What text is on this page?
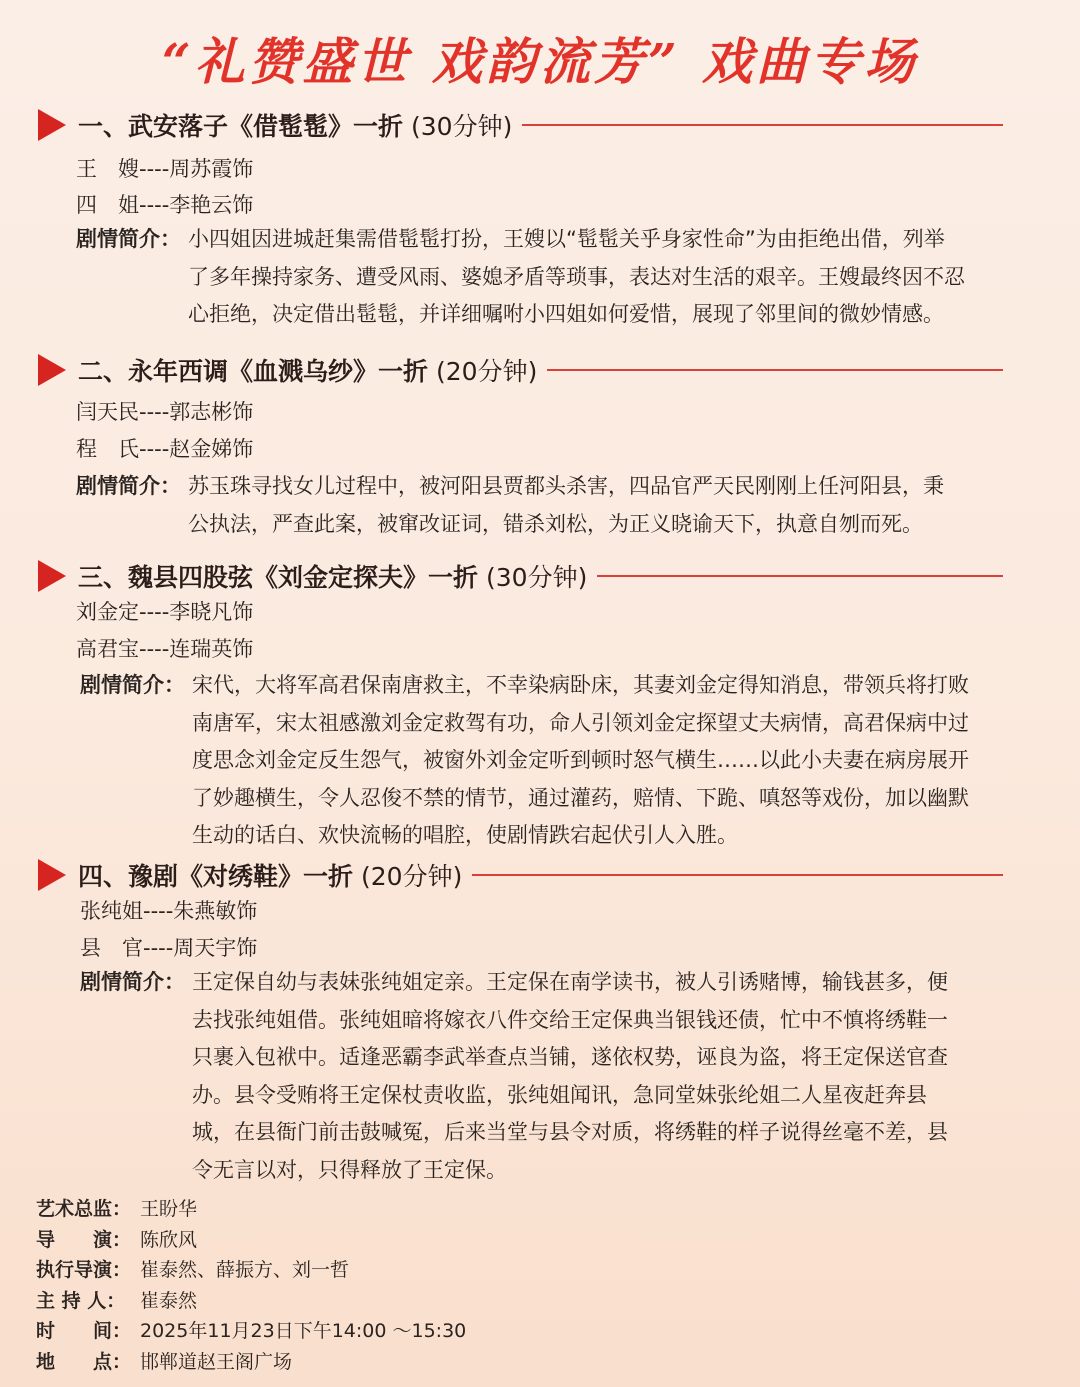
“礼赞盛世 戏韵流芳” 戏曲专场
一、武安落子《借髢髢》一折 (30分钟)
王　嫂----周苏霞饰
四　姐----李艳云饰
剧情简介： 小四姐因进城赶集需借髢髢打扮，王嫂以“髢髢关乎身家性命”为由拒绝出借，列举
了多年操持家务、遭受风雨、婆媳矛盾等琐事，表达对生活的艰辛。王嫂最终因不忍
心拒绝，决定借出髢髢，并详细嘱咐小四姐如何爱惜，展现了邻里间的微妙情感。
二、永年西调《血溅乌纱》一折 (20分钟)
闫天民----郭志彬饰
程　氏----赵金娣饰
剧情简介： 苏玉珠寻找女儿过程中，被河阳县贾都头杀害，四品官严天民刚刚上任河阳县，秉
公执法，严查此案，被窜改证词，错杀刘松，为正义晓谕天下，执意自刎而死。
三、魏县四股弦《刘金定探夫》一折 (30分钟)
刘金定----李晓凡饰
高君宝----连瑞英饰
剧情简介： 宋代，大将军高君保南唐救主，不幸染病卧床，其妻刘金定得知消息，带领兵将打败
南唐军，宋太祖感激刘金定救驾有功，命人引领刘金定探望丈夫病情，高君保病中过
度思念刘金定反生怨气，被窗外刘金定听到顿时怒气横生……以此小夫妻在病房展开
了妙趣横生，令人忍俊不禁的情节，通过灌药，赔情、下跪、嗔怒等戏份，加以幽默
生动的话白、欢快流畅的唱腔，使剧情跌宕起伏引人入胜。
四、豫剧《对绣鞋》一折 (20分钟)
张纯姐----朱燕敏饰
县　官----周天宇饰
剧情简介： 王定保自幼与表妹张纯姐定亲。王定保在南学读书，被人引诱赌博，输钱甚多，便
去找张纯姐借。张纯姐暗将嫁衣八件交给王定保典当银钱还债，忙中不慎将绣鞋一
只裹入包袱中。适逢恶霸李武举查点当铺，遂依权势，诬良为盗，将王定保送官查
办。县令受贿将王定保杖责收监，张纯姐闻讯，急同堂妹张纶姐二人星夜赶奔县
城，在县衙门前击鼓喊冤，后来当堂与县令对质，将绣鞋的样子说得丝毫不差，县
令无言以对，只得释放了王定保。
艺术总监： 王盼华
导　　演： 陈欣风
执行导演： 崔泰然、薛振方、刘一哲
主 持 人： 崔泰然
时　　间： 2025年11月23日下午14:00 ～15:30
地　　点： 邯郸道赵王阁广场
